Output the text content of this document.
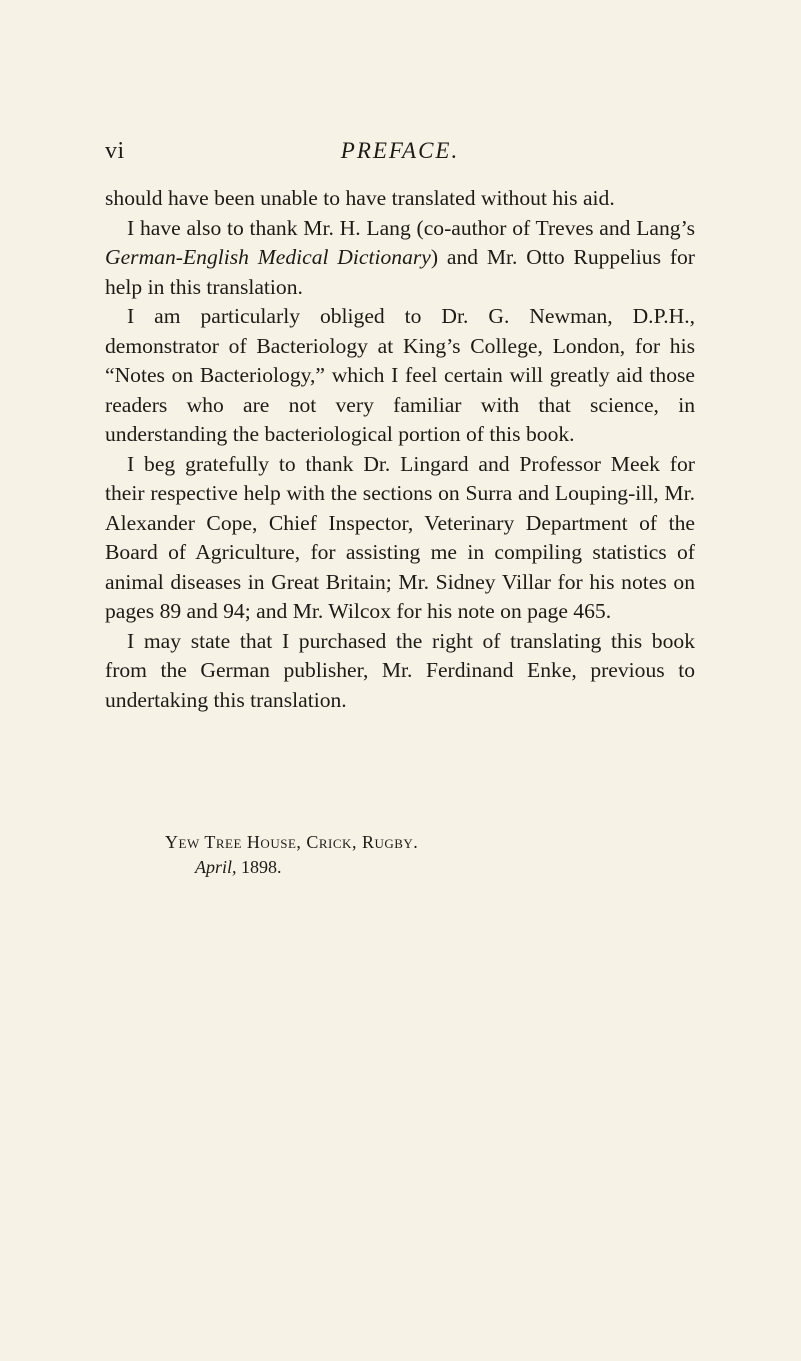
PREFACE.
vi

should have been unable to have translated without his aid.

I have also to thank Mr. H. Lang (co-author of Treves and Lang’s German-English Medical Dictionary) and Mr. Otto Ruppelius for help in this translation.

I am particularly obliged to Dr. G. Newman, D.P.H., demonstrator of Bacteriology at King’s College, London, for his “Notes on Bacteriology,” which I feel certain will greatly aid those readers who are not very familiar with that science, in understanding the bacteriological portion of this book.

I beg gratefully to thank Dr. Lingard and Professor Meek for their respective help with the sections on Surra and Louping-ill, Mr. Alexander Cope, Chief Inspector, Veterinary Department of the Board of Agriculture, for assisting me in compiling statistics of animal diseases in Great Britain; Mr. Sidney Villar for his notes on pages 89 and 94; and Mr. Wilcox for his note on page 465.

I may state that I purchased the right of translating this book from the German publisher, Mr. Ferdinand Enke, previous to undertaking this translation.

Yew Tree House, Crick, Rugby.
April, 1898.
